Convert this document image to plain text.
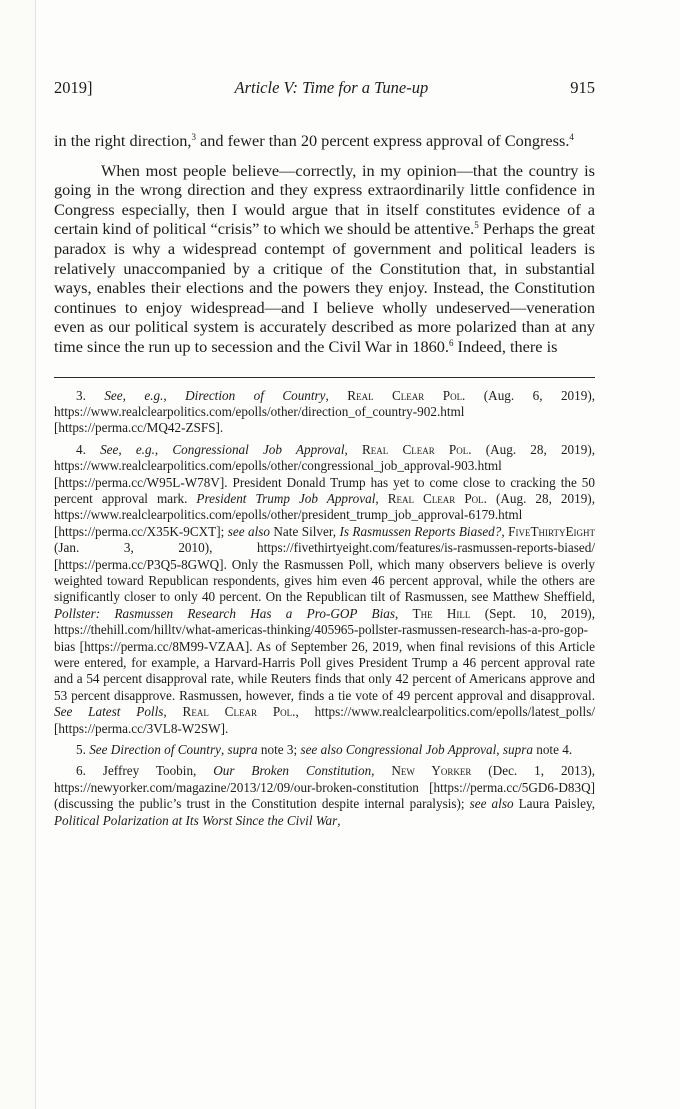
2019]	Article V: Time for a Tune-up	915

in the right direction,$^3$ and fewer than 20 percent express approval of Congress.$^4$

When most people believe—correctly, in my opinion—that the country is going in the wrong direction and they express extraordinarily little confidence in Congress especially, then I would argue that in itself constitutes evidence of a certain kind of political “crisis” to which we should be attentive.$^5$ Perhaps the great paradox is why a widespread contempt of government and political leaders is relatively unaccompanied by a critique of the Constitution that, in substantial ways, enables their elections and the powers they enjoy. Instead, the Constitution continues to enjoy widespread—and I believe wholly undeserved—veneration even as our political system is accurately described as more polarized than at any time since the run up to secession and the Civil War in 1860.$^6$ Indeed, there is

3. See, e.g., Direction of Country, Real Clear Pol. (Aug. 6, 2019), https://www.realclearpolitics.com/epolls/other/direction_of_country-902.html [https://perma.cc/MQ42-ZSFS].

4. See, e.g., Congressional Job Approval, Real Clear Pol. (Aug. 28, 2019), https://www.realclearpolitics.com/epolls/other/congressional_job_approval-903.html [https://perma.cc/W95L-W78V]. President Donald Trump has yet to come close to cracking the 50 percent approval mark. President Trump Job Approval, Real Clear Pol. (Aug. 28, 2019), https://www.realclearpolitics.com/epolls/other/president_trump_job_approval-6179.html [https://perma.cc/X35K-9CXT]; see also Nate Silver, Is Rasmussen Reports Biased?, FiveThirtyEight (Jan. 3, 2010), https://fivethirtyeight.com/features/is-rasmussen-reports-biased/ [https://perma.cc/P3Q5-8GWQ]. Only the Rasmussen Poll, which many observers believe is overly weighted toward Republican respondents, gives him even 46 percent approval, while the others are significantly closer to only 40 percent. On the Republican tilt of Rasmussen, see Matthew Sheffield, Pollster: Rasmussen Research Has a Pro-GOP Bias, The Hill (Sept. 10, 2019), https://thehill.com/hilltv/what-americas-thinking/405965-pollster-rasmussen-research-has-a-pro-gop-bias [https://perma.cc/8M99-VZAA]. As of September 26, 2019, when final revisions of this Article were entered, for example, a Harvard-Harris Poll gives President Trump a 46 percent approval rate and a 54 percent disapproval rate, while Reuters finds that only 42 percent of Americans approve and 53 percent disapprove. Rasmussen, however, finds a tie vote of 49 percent approval and disapproval. See Latest Polls, Real Clear Pol., https://www.realclearpolitics.com/epolls/latest_polls/ [https://perma.cc/3VL8-W2SW].

5. See Direction of Country, supra note 3; see also Congressional Job Approval, supra note 4.

6. Jeffrey Toobin, Our Broken Constitution, New Yorker (Dec. 1, 2013), https://newyorker.com/magazine/2013/12/09/our-broken-constitution [https://perma.cc/5GD6-D83Q] (discussing the public’s trust in the Constitution despite internal paralysis); see also Laura Paisley, Political Polarization at Its Worst Since the Civil War,
